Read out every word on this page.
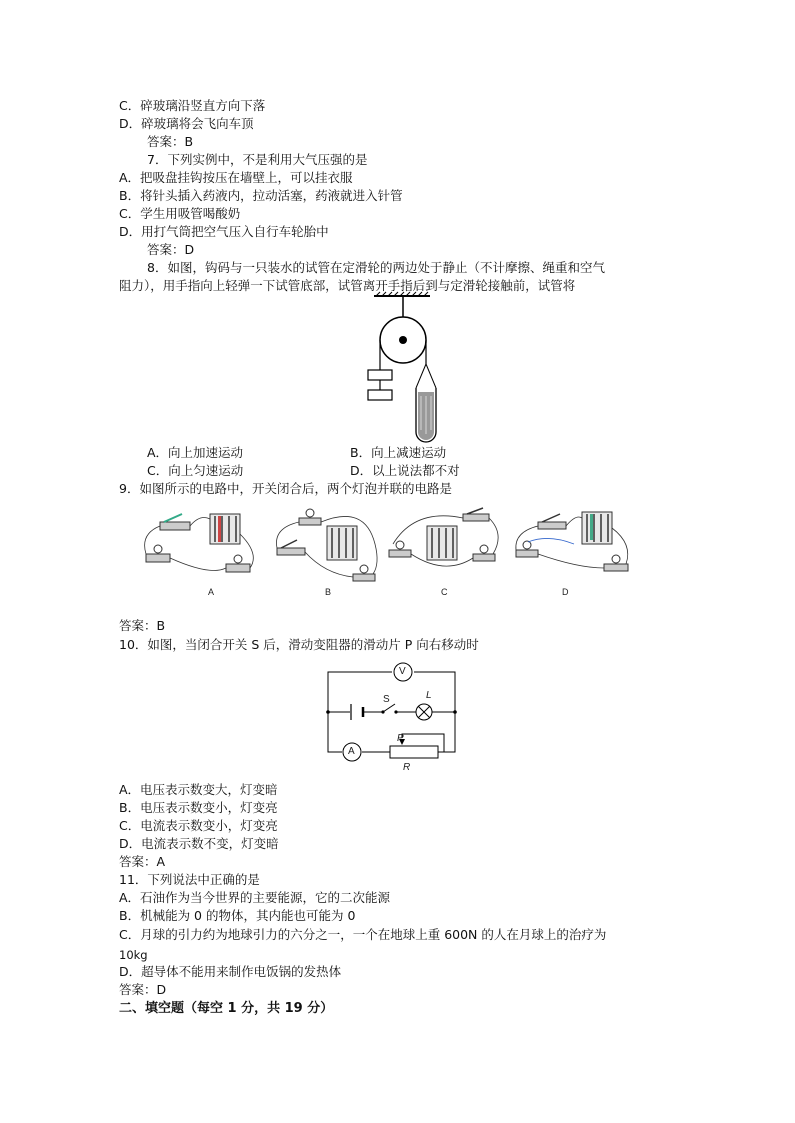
C．碎玻璃沿竖直方向下落
D．碎玻璃将会飞向车顶
答案：B
7．下列实例中，不是利用大气压强的是
A．把吸盘挂钩按压在墙壁上，可以挂衣服
B．将针头插入药液内，拉动活塞，药液就进入针管
C．学生用吸管喝酸奶
D．用打气筒把空气压入自行车轮胎中
答案：D
8．如图，钩码与一只装水的试管在定滑轮的两边处于静止（不计摩擦、绳重和空气
阻力），用手指向上轻弹一下试管底部，试管离开手指后到与定滑轮接触前，试管将
A．向上加速运动	B．向上减速运动
C．向上匀速运动	D．以上说法都不对
9．如图所示的电路中，开关闭合后，两个灯泡并联的电路是
A	B	C	D
答案：B
10．如图，当闭合开关 S 后，滑动变阻器的滑动片 P 向右移动时
V
S	L
A
P
R
A．电压表示数变大，灯变暗
B．电压表示数变小，灯变亮
C．电流表示数变小，灯变亮
D．电流表示数不变，灯变暗
答案：A
11．下列说法中正确的是
A．石油作为当今世界的主要能源，它的二次能源
B．机械能为 0 的物体，其内能也可能为 0
C．月球的引力约为地球引力的六分之一，一个在地球上重 600N 的人在月球上的治疗为
10kg
D．超导体不能用来制作电饭锅的发热体
答案：D
二、填空题（每空 1 分，共 19 分）
